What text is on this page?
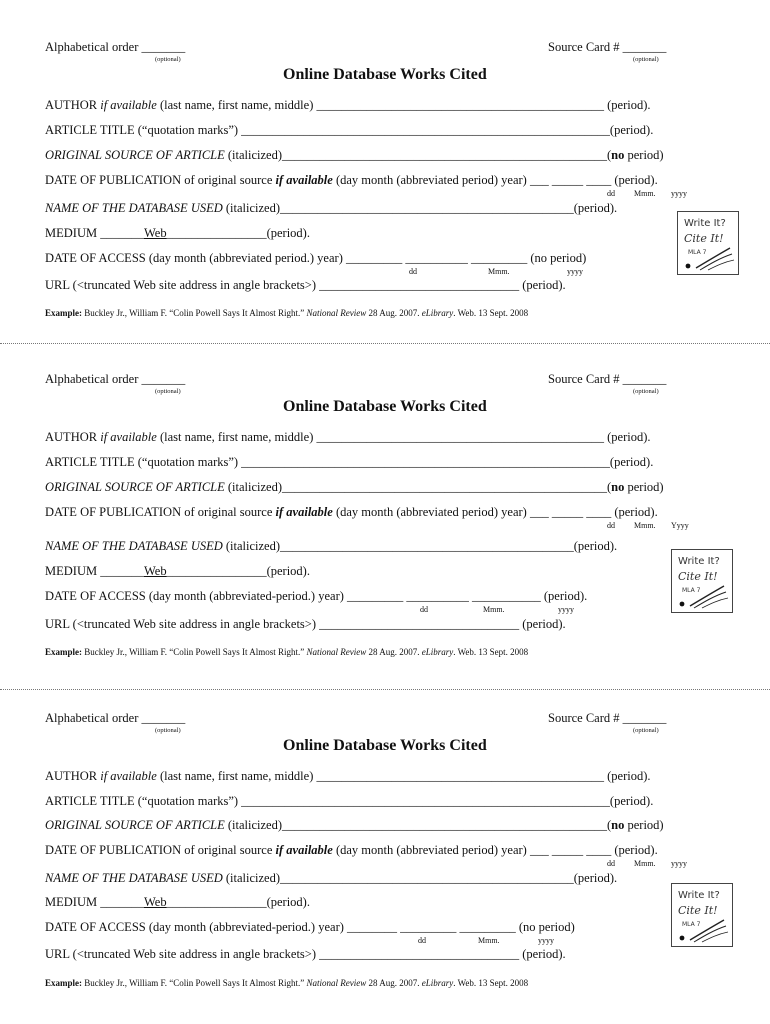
Alphabetical order _______
(optional)
Source Card # _______
(optional)
Online Database Works Cited
AUTHOR if available (last name, first name, middle) ______________________________________________ (period).
ARTICLE TITLE (“quotation marks”) ___________________________________________________________(period).
ORIGINAL SOURCE OF ARTICLE (italicized)____________________________________________________(no period)
DATE OF PUBLICATION of original source if available (day month (abbreviated period) year) ___ _____ ____ (period).
dd Mmm. yyyy
NAME OF THE DATABASE USED (italicized)_______________________________________________(period).
MEDIUM _______Web________________(period).
DATE OF ACCESS (day month (abbreviated period.) year) _________ __________ _________ (no period)
dd	Mmm.	yyyy
URL (<truncated Web site address in angle brackets>) ________________________________ (period).
Example: Buckley Jr., William F. “Colin Powell Says It Almost Right.” National Review 28 Aug. 2007. eLibrary. Web. 13 Sept. 2008
Write It?
Cite It!
MLA 7
Alphabetical order _______
(optional)
Source Card # _______
(optional)
Online Database Works Cited
AUTHOR if available (last name, first name, middle) ______________________________________________ (period).
ARTICLE TITLE (“quotation marks”) ___________________________________________________________(period).
ORIGINAL SOURCE OF ARTICLE (italicized)____________________________________________________(no period)
DATE OF PUBLICATION of original source if available (day month (abbreviated period) year) ___ _____ ____ (period).
dd Mmm. Yyyy
NAME OF THE DATABASE USED (italicized)_______________________________________________(period).
MEDIUM _______Web________________(period).
DATE OF ACCESS (day month (abbreviated-period.) year) _________ __________ ___________ (period).
dd	Mmm.	yyyy
URL (<truncated Web site address in angle brackets>) ________________________________ (period).
Example: Buckley Jr., William F. “Colin Powell Says It Almost Right.” National Review 28 Aug. 2007. eLibrary. Web. 13 Sept. 2008
Write It?
Cite It!
MLA 7
Alphabetical order _______
(optional)
Source Card # _______
(optional)
Online Database Works Cited
AUTHOR if available (last name, first name, middle) ______________________________________________ (period).
ARTICLE TITLE (“quotation marks”) ___________________________________________________________(period).
ORIGINAL SOURCE OF ARTICLE (italicized)____________________________________________________(no period)
DATE OF PUBLICATION of original source if available (day month (abbreviated period) year) ___ _____ ____ (period).
dd Mmm. yyyy
NAME OF THE DATABASE USED (italicized)_______________________________________________(period).
MEDIUM _______Web________________(period).
DATE OF ACCESS (day month (abbreviated-period.) year) ________ _________ _________ (no period)
dd	Mmm.	yyyy
URL (<truncated Web site address in angle brackets>) ________________________________ (period).
Example: Buckley Jr., William F. “Colin Powell Says It Almost Right.” National Review 28 Aug. 2007. eLibrary. Web. 13 Sept. 2008
Write It?
Cite It!
MLA 7
